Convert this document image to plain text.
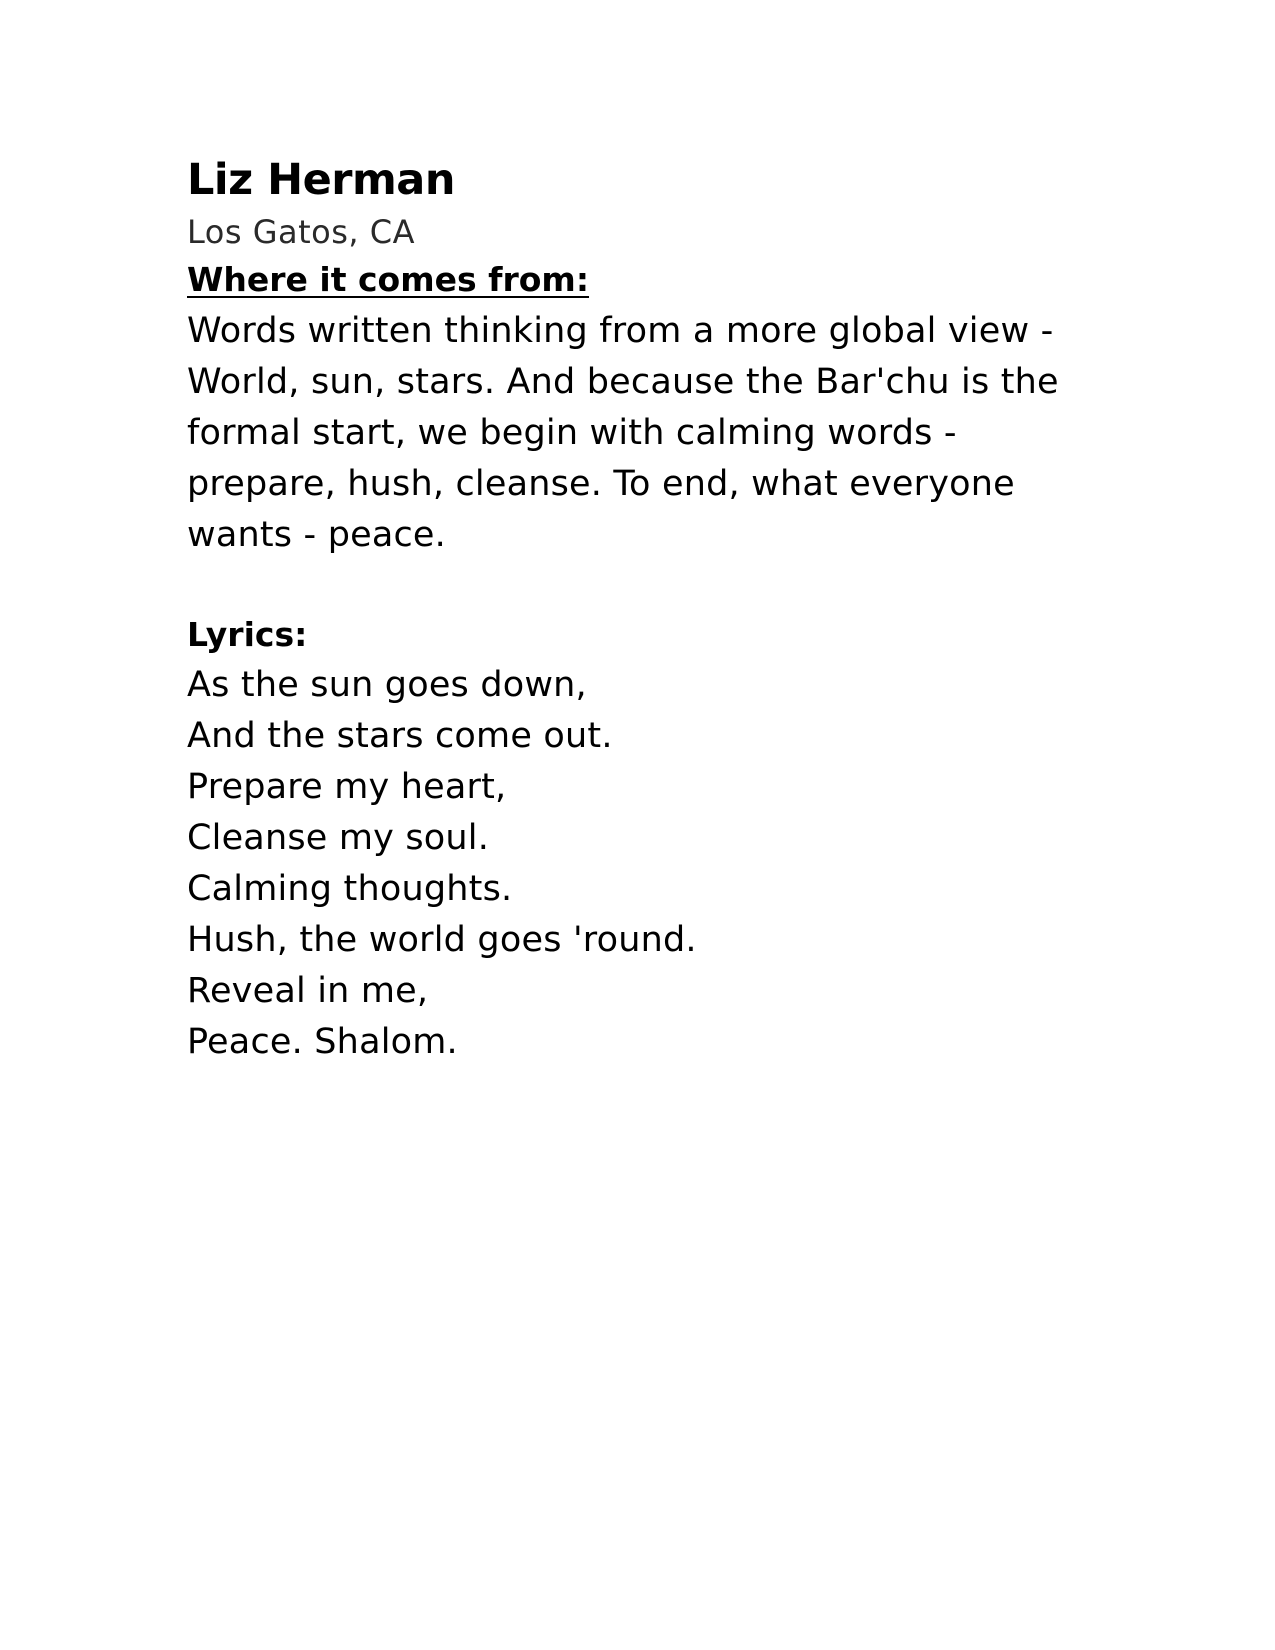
Liz Herman

Los Gatos, CA

Where it comes from:

Words written thinking from a more global view - World, sun, stars. And because the Bar'chu is the formal start, we begin with calming words - prepare, hush, cleanse. To end, what everyone wants - peace.

Lyrics:
As the sun goes down,
And the stars come out.
Prepare my heart,
Cleanse my soul.
Calming thoughts.
Hush, the world goes 'round.
Reveal in me,
Peace. Shalom.
